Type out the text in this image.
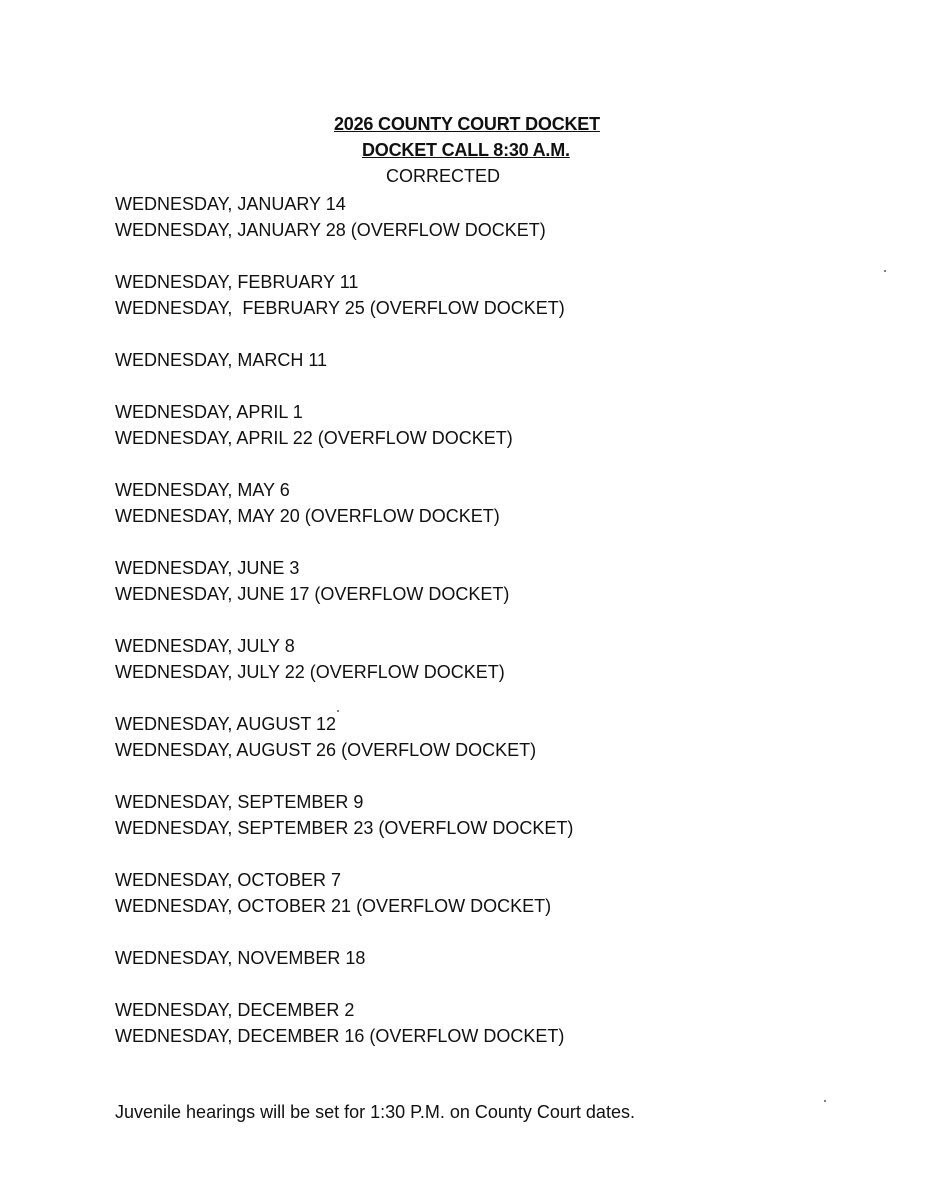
2026 COUNTY COURT DOCKET
DOCKET CALL 8:30 A.M.
CORRECTED
WEDNESDAY, JANUARY 14
WEDNESDAY, JANUARY 28 (OVERFLOW DOCKET)
WEDNESDAY, FEBRUARY 11
WEDNESDAY,  FEBRUARY 25 (OVERFLOW DOCKET)
WEDNESDAY, MARCH 11
WEDNESDAY, APRIL 1
WEDNESDAY, APRIL 22 (OVERFLOW DOCKET)
WEDNESDAY, MAY 6
WEDNESDAY, MAY 20 (OVERFLOW DOCKET)
WEDNESDAY, JUNE 3
WEDNESDAY, JUNE 17 (OVERFLOW DOCKET)
WEDNESDAY, JULY 8
WEDNESDAY, JULY 22 (OVERFLOW DOCKET)
WEDNESDAY, AUGUST 12
WEDNESDAY, AUGUST 26 (OVERFLOW DOCKET)
WEDNESDAY, SEPTEMBER 9
WEDNESDAY, SEPTEMBER 23 (OVERFLOW DOCKET)
WEDNESDAY, OCTOBER 7
WEDNESDAY, OCTOBER 21 (OVERFLOW DOCKET)
WEDNESDAY, NOVEMBER 18
WEDNESDAY, DECEMBER 2
WEDNESDAY, DECEMBER 16 (OVERFLOW DOCKET)
Juvenile hearings will be set for 1:30 P.M. on County Court dates.
